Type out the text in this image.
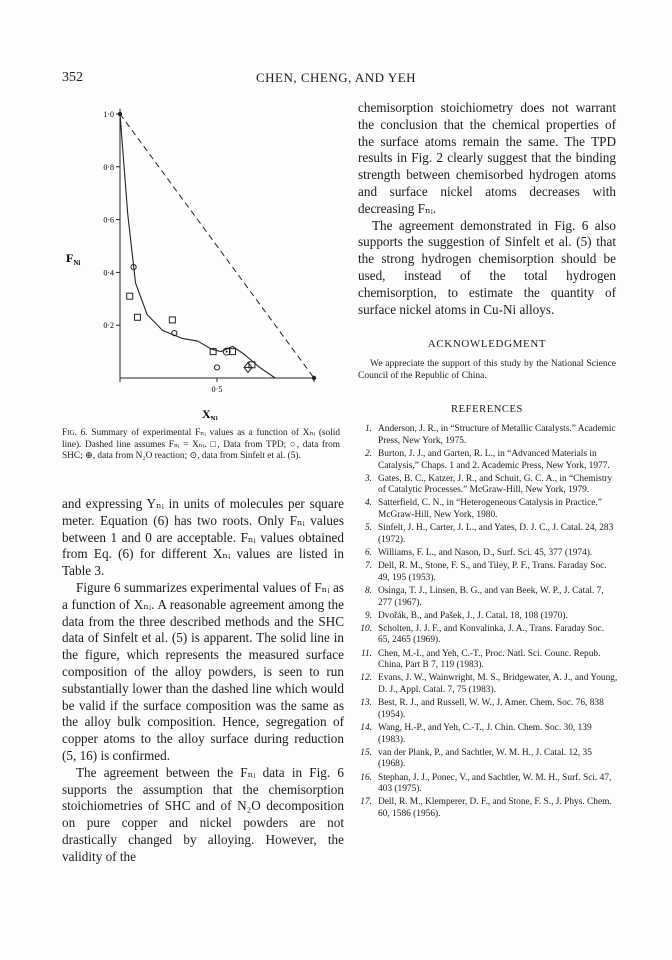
352	CHEN, CHENG, AND YEH
1·0
0·8
0·6
0·4
0·2
0·5
$F_{Ni}$
$X_{Ni}$
Fig. 6. Summary of experimental Fₙᵢ values as a function of Xₙᵢ (solid line). Dashed line assumes Fₙᵢ = Xₙᵢ. □, Data from TPD; ○, data from SHC; ⊕, data from N₂O reaction; ⊙, data from Sinfelt et al. (5).

and expressing Yₙᵢ in units of molecules per square meter. Equation (6) has two roots. Only Fₙᵢ values between 1 and 0 are acceptable. Fₙᵢ values obtained from Eq. (6) for different Xₙᵢ values are listed in Table 3.

Figure 6 summarizes experimental values of Fₙᵢ as a function of Xₙᵢ. A reasonable agreement among the data from the three described methods and the SHC data of Sinfelt et al. (5) is apparent. The solid line in the figure, which represents the measured surface composition of the alloy powders, is seen to run substantially lower than the dashed line which would be valid if the surface composition was the same as the alloy bulk composition. Hence, segregation of copper atoms to the alloy surface during reduction (5, 16) is confirmed.

The agreement between the Fₙᵢ data in Fig. 6 supports the assumption that the chemisorption stoichiometries of SHC and of N₂O decomposition on pure copper and nickel powders are not drastically changed by alloying. However, the validity of the

chemisorption stoichiometry does not warrant the conclusion that the chemical properties of the surface atoms remain the same. The TPD results in Fig. 2 clearly suggest that the binding strength between chemisorbed hydrogen atoms and surface nickel atoms decreases with decreasing Fₙᵢ.

The agreement demonstrated in Fig. 6 also supports the suggestion of Sinfelt et al. (5) that the strong hydrogen chemisorption should be used, instead of the total hydrogen chemisorption, to estimate the quantity of surface nickel atoms in Cu-Ni alloys.

ACKNOWLEDGMENT
We appreciate the support of this study by the National Science Council of the Republic of China.
REFERENCES
1. Anderson, J. R., in “Structure of Metallic Catalysts.” Academic Press, New York, 1975.
2. Burton, J. J., and Garten, R. L., in “Advanced Materials in Catalysis,” Chaps. 1 and 2. Academic Press, New York, 1977.
3. Gates, B. C., Katzer, J. R., and Schuit, G. C. A., in “Chemistry of Catalytic Processes.” McGraw-Hill, New York, 1979.
4. Satterfield, C. N., in “Heterogeneous Catalysis in Practice.” McGraw-Hill, New York, 1980.
5. Sinfelt, J. H., Carter, J. L., and Yates, D. J. C., J. Catal. 24, 283 (1972).
6. Williams, F. L., and Nason, D., Surf. Sci. 45, 377 (1974).
7. Dell, R. M., Stone, F. S., and Tiley, P. F., Trans. Faraday Soc. 49, 195 (1953).
8. Osinga, T. J., Linsen, B. G., and van Beek, W. P., J. Catal. 7, 277 (1967).
9. Dvořák, B., and Pašek, J., J. Catal. 18, 108 (1970).
10. Scholten, J. J. F., and Konvalínka, J. A., Trans. Faraday Soc. 65, 2465 (1969).
11. Chen, M.-I., and Yeh, C.-T., Proc. Natl. Sci. Counc. Repub. China, Part B 7, 119 (1983).
12. Evans, J. W., Wainwright, M. S., Bridgewater, A. J., and Young, D. J., Appl. Catal. 7, 75 (1983).
13. Best, R. J., and Russell, W. W., J. Amer. Chem. Soc. 76, 838 (1954).
14. Wang, H.-P., and Yeh, C.-T., J. Chin. Chem. Soc. 30, 139 (1983).
15. van der Plank, P., and Sachtler, W. M. H., J. Catal. 12, 35 (1968).
16. Stephan, J. J., Ponec, V., and Sachtler, W. M. H., Surf. Sci. 47, 403 (1975).
17. Dell, R. M., Klemperer, D. F., and Stone, F. S., J. Phys. Chem. 60, 1586 (1956).
